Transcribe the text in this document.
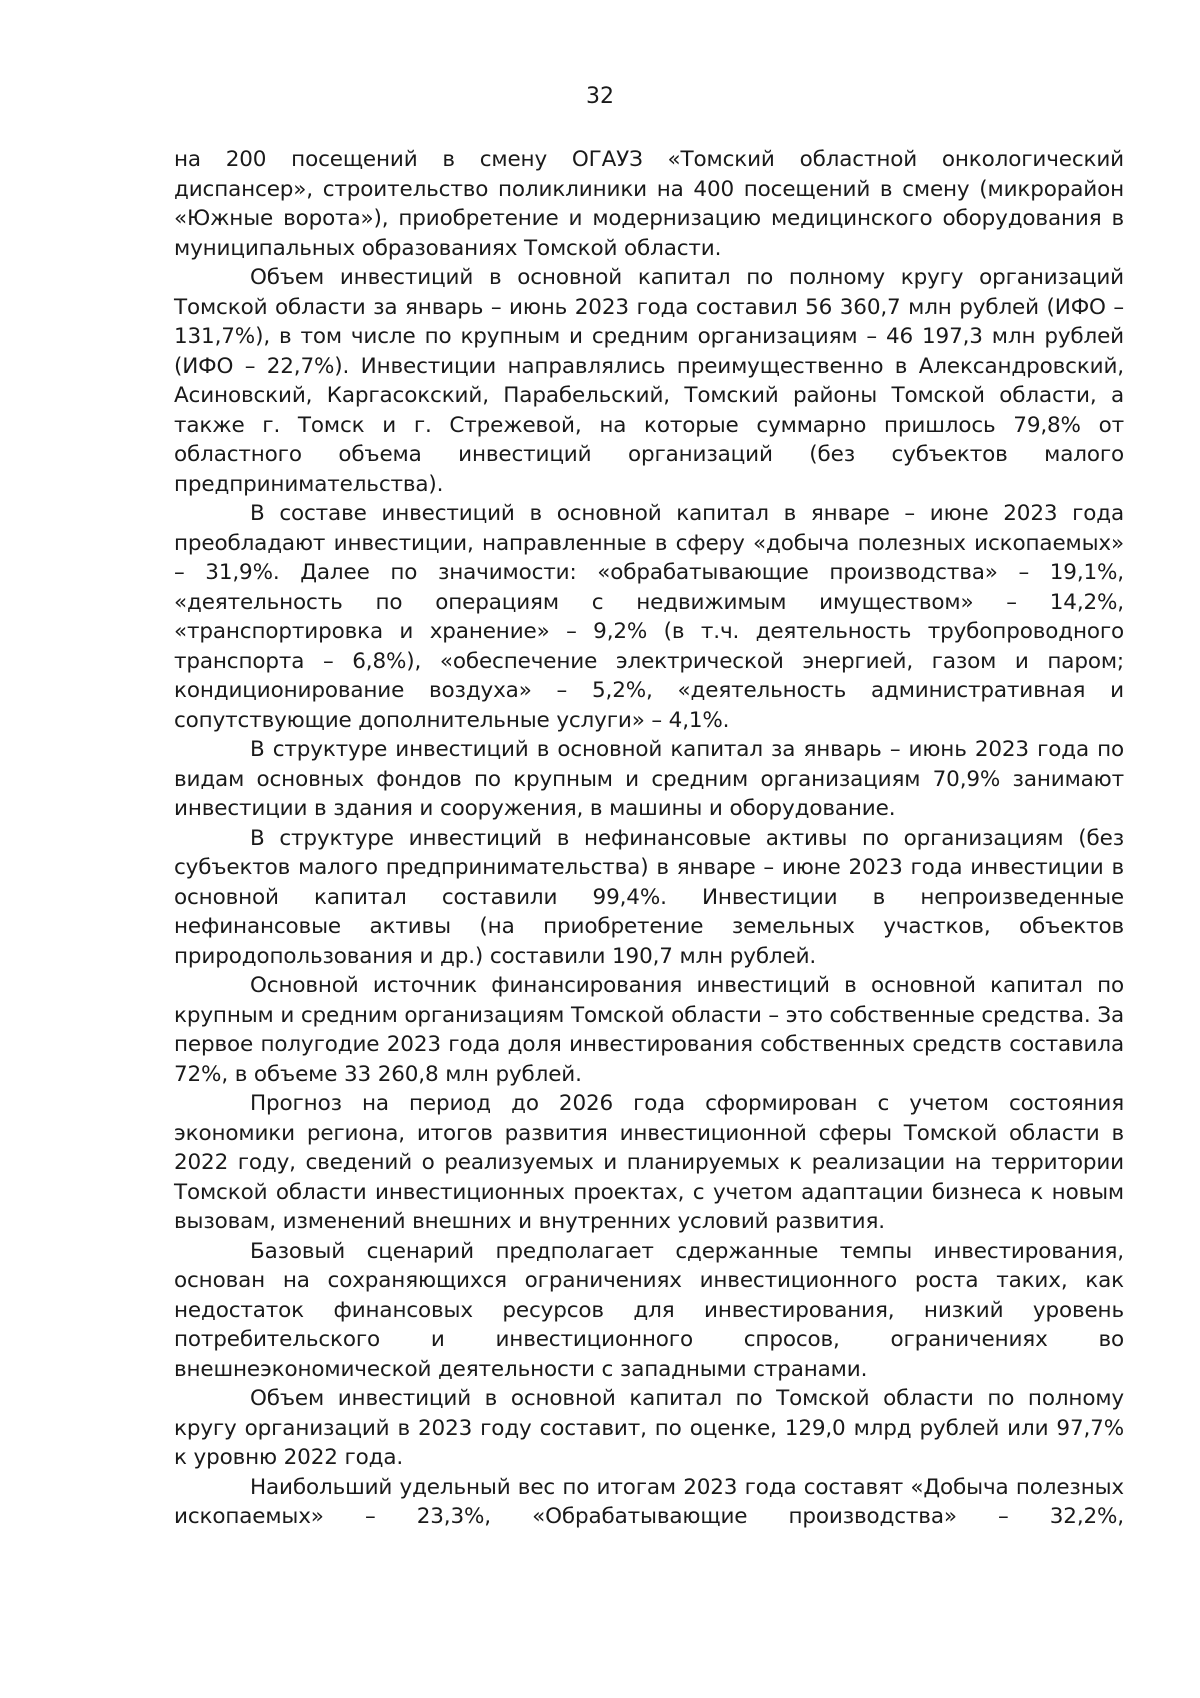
32

на 200 посещений в смену ОГАУЗ «Томский областной онкологический диспансер», строительство поликлиники на 400 посещений в смену (микрорайон «Южные ворота»), приобретение и модернизацию медицинского оборудования в муниципальных образованиях Томской области.

Объем инвестиций в основной капитал по полному кругу организаций Томской области за январь – июнь 2023 года составил 56 360,7 млн рублей (ИФО – 131,7%), в том числе по крупным и средним организациям – 46 197,3 млн рублей (ИФО – 22,7%). Инвестиции направлялись преимущественно в Александровский, Асиновский, Каргасокский, Парабельский, Томский районы Томской области, а также г. Томск и г. Стрежевой, на которые суммарно пришлось 79,8% от областного объема инвестиций организаций (без субъектов малого предпринимательства).

В составе инвестиций в основной капитал в январе – июне 2023 года преобладают инвестиции, направленные в сферу «добыча полезных ископаемых» – 31,9%. Далее по значимости: «обрабатывающие производства» – 19,1%, «деятельность по операциям с недвижимым имуществом» – 14,2%, «транспортировка и хранение» – 9,2% (в т.ч. деятельность трубопроводного транспорта – 6,8%), «обеспечение электрической энергией, газом и паром; кондиционирование воздуха» – 5,2%, «деятельность административная и сопутствующие дополнительные услуги» – 4,1%.

В структуре инвестиций в основной капитал за январь – июнь 2023 года по видам основных фондов по крупным и средним организациям 70,9% занимают инвестиции в здания и сооружения, в машины и оборудование.

В структуре инвестиций в нефинансовые активы по организациям (без субъектов малого предпринимательства) в январе – июне 2023 года инвестиции в основной капитал составили 99,4%. Инвестиции в непроизведенные нефинансовые активы (на приобретение земельных участков, объектов природопользования и др.) составили 190,7 млн рублей.

Основной источник финансирования инвестиций в основной капитал по крупным и средним организациям Томской области – это собственные средства. За первое полугодие 2023 года доля инвестирования собственных средств составила 72%, в объеме 33 260,8 млн рублей.

Прогноз на период до 2026 года сформирован с учетом состояния экономики региона, итогов развития инвестиционной сферы Томской области в 2022 году, сведений о реализуемых и планируемых к реализации на территории Томской области инвестиционных проектах, с учетом адаптации бизнеса к новым вызовам, изменений внешних и внутренних условий развития.

Базовый сценарий предполагает сдержанные темпы инвестирования, основан на сохраняющихся ограничениях инвестиционного роста таких, как недостаток финансовых ресурсов для инвестирования, низкий уровень потребительского и инвестиционного спросов, ограничениях во внешнеэкономической деятельности с западными странами.

Объем инвестиций в основной капитал по Томской области по полному кругу организаций в 2023 году составит, по оценке, 129,0 млрд рублей или 97,7% к уровню 2022 года.

Наибольший удельный вес по итогам 2023 года составят «Добыча полезных ископаемых» – 23,3%, «Обрабатывающие производства» – 32,2%,
